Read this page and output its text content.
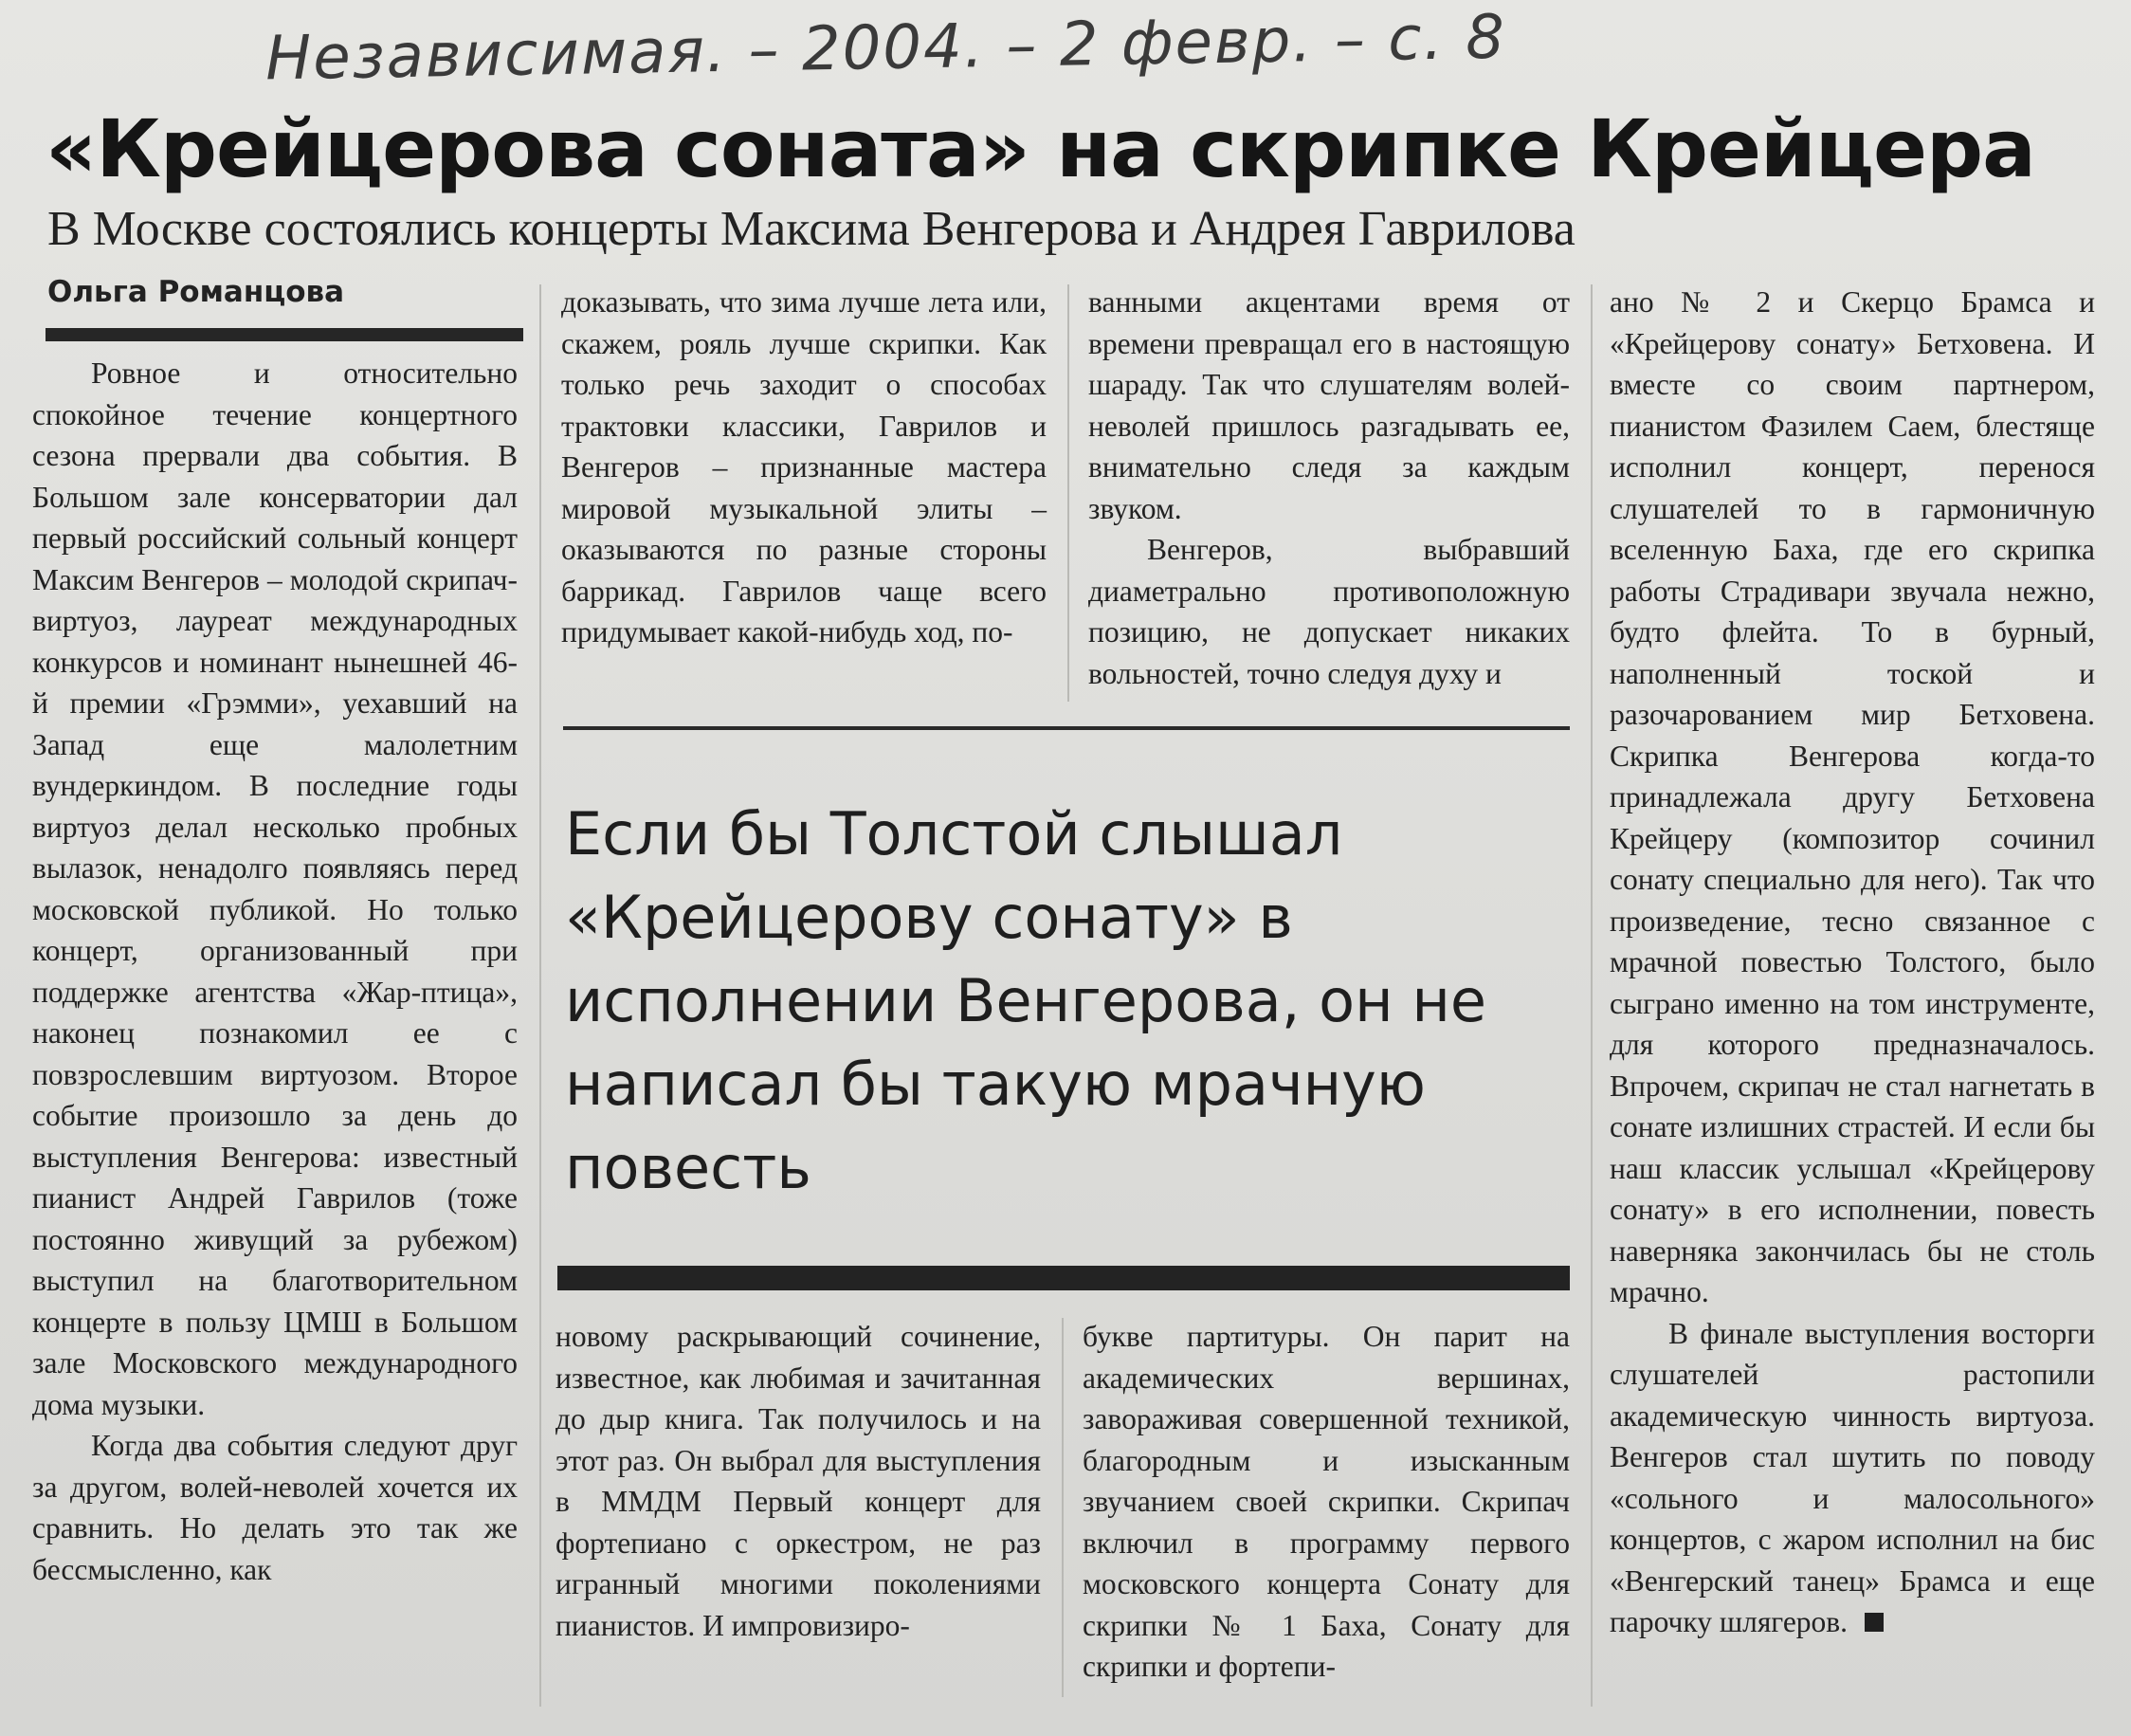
Независимая. – 2004. – 2 февр. – с. 8
«Крейцерова соната» на скрипке Крейцера
В Москве состоялись концерты Максима Венгерова и Андрея Гаврилова
Ольга Романцова

Ровное и относительно спокойное течение концертного сезона прервали два события. В Большом зале консерватории дал первый российский сольный концерт Максим Венгеров – молодой скрипач-виртуоз, лауреат международных конкурсов и номинант нынешней 46-й премии «Грэмми», уехавший на Запад еще малолетним вундеркиндом. В последние годы виртуоз делал несколько пробных вылазок, ненадолго появляясь перед московской публикой. Но только концерт, организованный при поддержке агентства «Жар-птица», наконец познакомил ее с повзрослевшим виртуозом. Второе событие произошло за день до выступления Венгерова: известный пианист Андрей Гаврилов (тоже постоянно живущий за рубежом) выступил на благотворительном концерте в пользу ЦМШ в Большом зале Московского международного дома музыки.

Когда два события следуют друг за другом, волей-неволей хочется их сравнить. Но делать это так же бессмысленно, как

доказывать, что зима лучше лета или, скажем, рояль лучше скрипки. Как только речь заходит о способах трактовки классики, Гаврилов и Венгеров – признанные мастера мировой музыкальной элиты – оказываются по разные стороны баррикад. Гаврилов чаще всего придумывает какой-нибудь ход, по-

ванными акцентами время от времени превращал его в настоящую шараду. Так что слушателям волей-неволей пришлось разгадывать ее, внимательно следя за каждым звуком.

Венгеров, выбравший диаметрально противоположную позицию, не допускает никаких вольностей, точно следуя духу и

Если бы Толстой слышал «Крейцерову сонату» в исполнении Венгерова, он не написал бы такую мрачную повесть

новому раскрывающий сочинение, известное, как любимая и зачитанная до дыр книга. Так получилось и на этот раз. Он выбрал для выступления в ММДМ Первый концерт для фортепиано с оркестром, не раз игранный многими поколениями пианистов. И импровизиро-

букве партитуры. Он парит на академических вершинах, завораживая совершенной техникой, благородным и изысканным звучанием своей скрипки. Скрипач включил в программу первого московского концерта Сонату для скрипки № 1 Баха, Сонату для скрипки и фортепи-

ано № 2 и Скерцо Брамса и «Крейцерову сонату» Бетховена. И вместе со своим партнером, пианистом Фазилем Саем, блестяще исполнил концерт, перенося слушателей то в гармоничную вселенную Баха, где его скрипка работы Страдивари звучала нежно, будто флейта. То в бурный, наполненный тоской и разочарованием мир Бетховена. Скрипка Венгерова когда-то принадлежала другу Бетховена Крейцеру (композитор сочинил сонату специально для него). Так что произведение, тесно связанное с мрачной повестью Толстого, было сыграно именно на том инструменте, для которого предназначалось. Впрочем, скрипач не стал нагнетать в сонате излишних страстей. И если бы наш классик услышал «Крейцерову сонату» в его исполнении, повесть наверняка закончилась бы не столь мрачно.

В финале выступления восторги слушателей растопили академическую чинность виртуоза. Венгеров стал шутить по поводу «сольного и малосольного» концертов, с жаром исполнил на бис «Венгерский танец» Брамса и еще парочку шлягеров.
